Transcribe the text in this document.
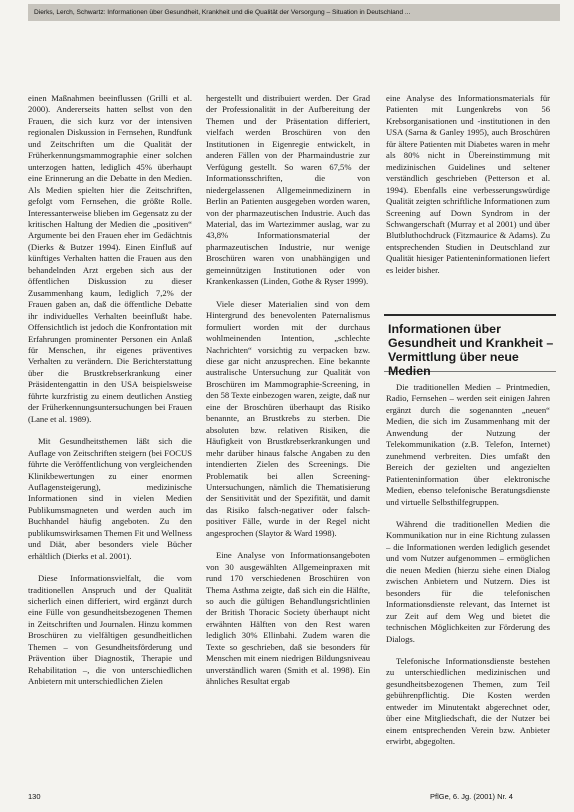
Dierks, Lerch, Schwartz: Informationen über Gesundheit, Krankheit und die Qualität der Versorgung – Situation in Deutschland ...

einen Maßnahmen beeinflussen (Grilli et al. 2000). Andererseits hatten selbst von den Frauen, die sich kurz vor der intensiven regionalen Diskussion in Fernsehen, Rundfunk und Zeitschriften um die Qualität der Früherkennungsmammographie einer solchen unterzogen hatten, lediglich 45% überhaupt eine Erinnerung an die Debatte in den Medien. Als Medien spielten hier die Zeitschriften, gefolgt vom Fernsehen, die größte Rolle. Interessanterweise blieben im Gegensatz zu der kritischen Haltung der Medien die „positiven“ Argumente bei den Frauen eher im Gedächtnis (Dierks & Butzer 1994). Einen Einfluß auf künftiges Verhalten hatten die Frauen aus den behandelnden Arzt ergeben sich aus der öffentlichen Diskussion zu dieser Zusammenhang kaum, lediglich 7,2% der Frauen gaben an, daß die öffentliche Debatte ihr individuelles Verhalten beeinflußt habe. Offensichtlich ist jedoch die Konfrontation mit Erfahrungen prominenter Personen ein Anlaß für Menschen, ihr eigenes präventives Verhalten zu verändern. Die Berichterstattung über die Brustkrebserkrankung einer Präsidentengattin in den USA beispielsweise führte kurzfristig zu einem deutlichen Anstieg der Früherkennungsuntersuchungen bei Frauen (Lane et al. 1989).

Mit Gesundheitsthemen läßt sich die Auflage von Zeitschriften steigern (bei FOCUS führte die Veröffentlichung von vergleichenden Klinikbewertungen zu einer enormen Auflagensteigerung), medizinische Informationen sind in vielen Medien Publikumsmagneten und werden auch im Buchhandel häufig angeboten. Zu den publikumswirksamen Themen Fit und Wellness und Diät, aber besonders viele Bücher erhältlich (Dierks et al. 2001).

Diese Informationsvielfalt, die vom traditionellen Anspruch und der Qualität sicherlich einen differiert, wird ergänzt durch eine Fülle von gesundheitsbezogenen Themen in Zeitschriften und Journalen. Hinzu kommen Broschüren zu vielfältigen gesundheitlichen Themen – von Gesundheitsförderung und Prävention über Diagnostik, Therapie und Rehabilitation –, die von unterschiedlichen Anbietern mit unterschiedlichen Zielen

hergestellt und distribuiert werden. Der Grad der Professionalität in der Aufbereitung der Themen und der Präsentation differiert, vielfach werden Broschüren von den Institutionen in Eigenregie entwickelt, in anderen Fällen von der Pharmaindustrie zur Verfügung gestellt. So waren 67,5% der Informationsschriften, die von niedergelassenen Allgemeinmedizinern in Berlin an Patienten ausgegeben worden waren, von der pharmazeutischen Industrie. Auch das Material, das im Wartezimmer auslag, war zu 43,8% Informationsmaterial der pharmazeutischen Industrie, nur wenige Broschüren waren von unabhängigen und gemeinnützigen Institutionen oder von Krankenkassen (Linden, Gothe & Ryser 1999).

Viele dieser Materialien sind von dem Hintergrund des benevolenten Paternalismus formuliert worden mit der durchaus wohlmeinenden Intention, „schlechte Nachrichten“ vorsichtig zu verpacken bzw. diese gar nicht anzusprechen. Eine bekannte australische Untersuchung zur Qualität von Broschüren im Mammographie-Screening, in den 58 Texte einbezogen waren, zeigte, daß nur eine der Broschüren überhaupt das Risiko benannte, an Brustkrebs zu sterben. Die absoluten bzw. relativen Risiken, die Häufigkeit von Brustkrebserkrankungen und mehr darüber hinaus falsche Angaben zu den intendierten Zielen des Screenings. Die Problematik bei allen Screening-Untersuchungen, nämlich die Thematisierung der Sensitivität und der Spezifität, und damit das Risiko falsch-negativer oder falsch-positiver Fälle, wurde in der Regel nicht angesprochen (Slaytor & Ward 1998).

Eine Analyse von Informationsangeboten von 30 ausgewählten Allgemeinpraxen mit rund 170 verschiedenen Broschüren von Thema Asthma zeigte, daß sich ein die Hälfte, so auch die gültigen Behandlungsrichtlinien der British Thoracic Society überhaupt nicht erwähnten Hälften von den Rest waren lediglich 30% Ellinbahi. Zudem waren die Texte so geschrieben, daß sie besonders für Menschen mit einem niedrigen Bildungsniveau unverständlich waren (Smith et al. 1998). Ein ähnliches Resultat ergab

eine Analyse des Informationsmaterials für Patienten mit Lungenkrebs von 56 Krebsorganisationen und -institutionen in den USA (Sarna & Ganley 1995), auch Broschüren für ältere Patienten mit Diabetes waren in mehr als 80% nicht in Übereinstimmung mit medizinischen Guidelines und seltener verständlich geschrieben (Petterson et al. 1994). Ebenfalls eine verbesserungswürdige Qualität zeigten schriftliche Informationen zum Screening auf Down Syndrom in der Schwangerschaft (Murray et al 2001) und über Blutbluthochdruck (Fitzmaurice & Adams). Zu entsprechenden Studien in Deutschland zur Qualität hiesiger Patienteninformationen liefert es leider bisher.

Informationen über Gesundheit und Krankheit – Vermittlung über neue Medien

Die traditionellen Medien – Printmedien, Radio, Fernsehen – werden seit einigen Jahren ergänzt durch die sogenannten „neuen“ Medien, die sich im Zusammenhang mit der Anwendung der Nutzung der Telekommunikation (z.B. Telefon, Internet) zunehmend verbreiten. Dies umfaßt den Bereich der gezielten und angezielten Patienteninformation über elektronische Medien, ebenso telefonische Beratungsdienste und virtuelle Selbsthilfegruppen.

Während die traditionellen Medien die Kommunikation nur in eine Richtung zulassen – die Informationen werden lediglich gesendet und vom Nutzer aufgenommen – ermöglichen die neuen Medien (hierzu siehe einen Dialog zwischen Anbietern und Nutzern. Dies ist besonders für die telefonischen Informationsdienste relevant, das Internet ist zur Zeit auf dem Weg und bietet die technischen Möglichkeiten zur Förderung des Dialogs.

Telefonische Informationsdienste bestehen zu unterschiedlichen medizinischen und gesundheitsbezogenen Themen, zum Teil gebührenpflichtig. Die Kosten werden entweder im Minutentakt abgerechnet oder, über eine Mitgliedschaft, die der Nutzer bei einem entsprechenden Verein bzw. Anbieter erwirbt, abgegolten.

130	PflGe, 6. Jg. (2001) Nr. 4
